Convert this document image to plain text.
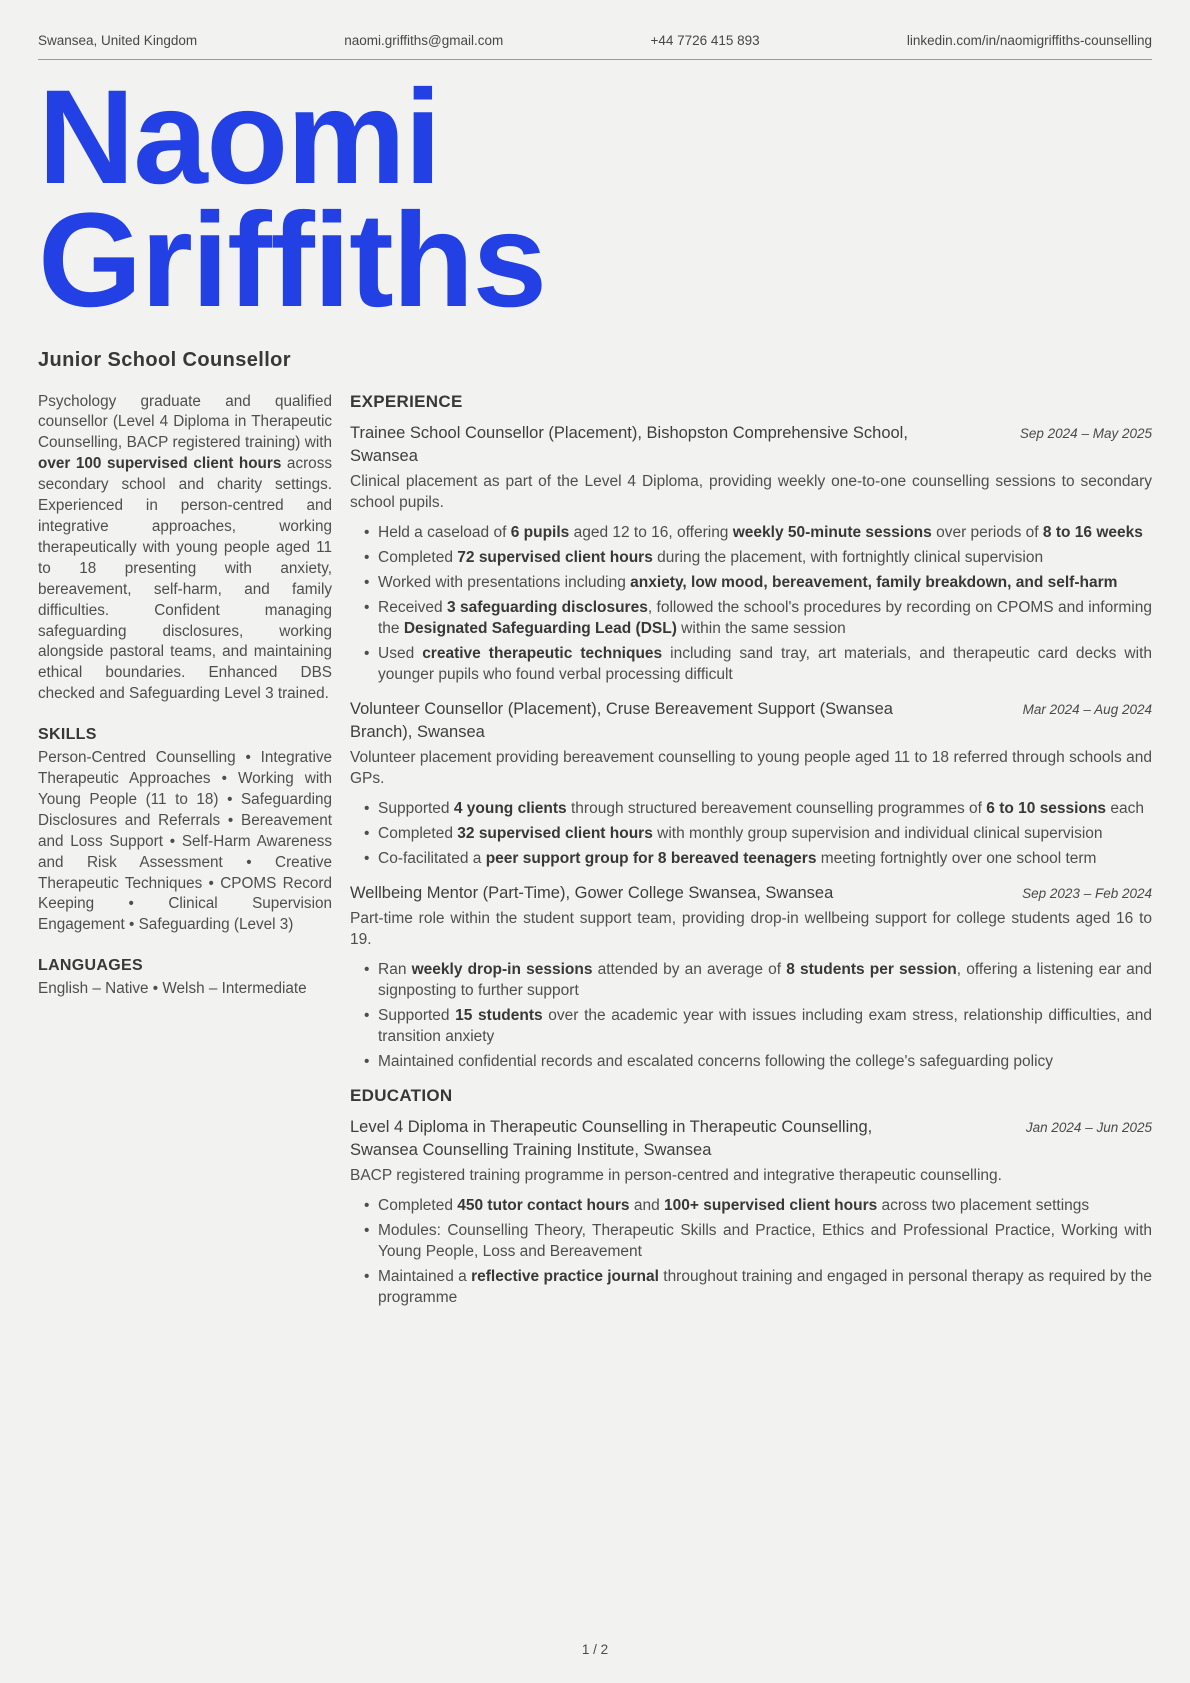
Swansea, United Kingdom	naomi.griffiths@gmail.com	+44 7726 415 893	linkedin.com/in/naomigriffiths-counselling
Naomi
Griffiths
Junior School Counsellor

Psychology graduate and qualified counsellor (Level 4 Diploma in Therapeutic Counselling, BACP registered training) with over 100 supervised client hours across secondary school and charity settings. Experienced in person-centred and integrative approaches, working therapeutically with young people aged 11 to 18 presenting with anxiety, bereavement, self-harm, and family difficulties. Confident managing safeguarding disclosures, working alongside pastoral teams, and maintaining ethical boundaries. Enhanced DBS checked and Safeguarding Level 3 trained.

SKILLS

Person-Centred Counselling • Integrative Therapeutic Approaches • Working with Young People (11 to 18) • Safeguarding Disclosures and Referrals • Bereavement and Loss Support • Self-Harm Awareness and Risk Assessment • Creative Therapeutic Techniques • CPOMS Record Keeping • Clinical Supervision Engagement • Safeguarding (Level 3)

LANGUAGES

English – Native • Welsh – Intermediate

EXPERIENCE
Trainee School Counsellor (Placement), Bishopston Comprehensive School, Swansea
Sep 2024 – May 2025

Clinical placement as part of the Level 4 Diploma, providing weekly one-to-one counselling sessions to secondary school pupils.

• Held a caseload of 6 pupils aged 12 to 16, offering weekly 50-minute sessions over periods of 8 to 16 weeks
• Completed 72 supervised client hours during the placement, with fortnightly clinical supervision
• Worked with presentations including anxiety, low mood, bereavement, family breakdown, and self-harm
• Received 3 safeguarding disclosures, followed the school's procedures by recording on CPOMS and informing the Designated Safeguarding Lead (DSL) within the same session
• Used creative therapeutic techniques including sand tray, art materials, and therapeutic card decks with younger pupils who found verbal processing difficult
Volunteer Counsellor (Placement), Cruse Bereavement Support (Swansea Branch), Swansea
Mar 2024 – Aug 2024

Volunteer placement providing bereavement counselling to young people aged 11 to 18 referred through schools and GPs.

• Supported 4 young clients through structured bereavement counselling programmes of 6 to 10 sessions each
• Completed 32 supervised client hours with monthly group supervision and individual clinical supervision
• Co-facilitated a peer support group for 8 bereaved teenagers meeting fortnightly over one school term
Wellbeing Mentor (Part-Time), Gower College Swansea, Swansea	Sep 2023 – Feb 2024

Part-time role within the student support team, providing drop-in wellbeing support for college students aged 16 to 19.

• Ran weekly drop-in sessions attended by an average of 8 students per session, offering a listening ear and signposting to further support
• Supported 15 students over the academic year with issues including exam stress, relationship difficulties, and transition anxiety
• Maintained confidential records and escalated concerns following the college's safeguarding policy
EDUCATION
Level 4 Diploma in Therapeutic Counselling in Therapeutic Counselling, Swansea Counselling Training Institute, Swansea
Jan 2024 – Jun 2025

BACP registered training programme in person-centred and integrative therapeutic counselling.

• Completed 450 tutor contact hours and 100+ supervised client hours across two placement settings
• Modules: Counselling Theory, Therapeutic Skills and Practice, Ethics and Professional Practice, Working with Young People, Loss and Bereavement
• Maintained a reflective practice journal throughout training and engaged in personal therapy as required by the programme
1 / 2
